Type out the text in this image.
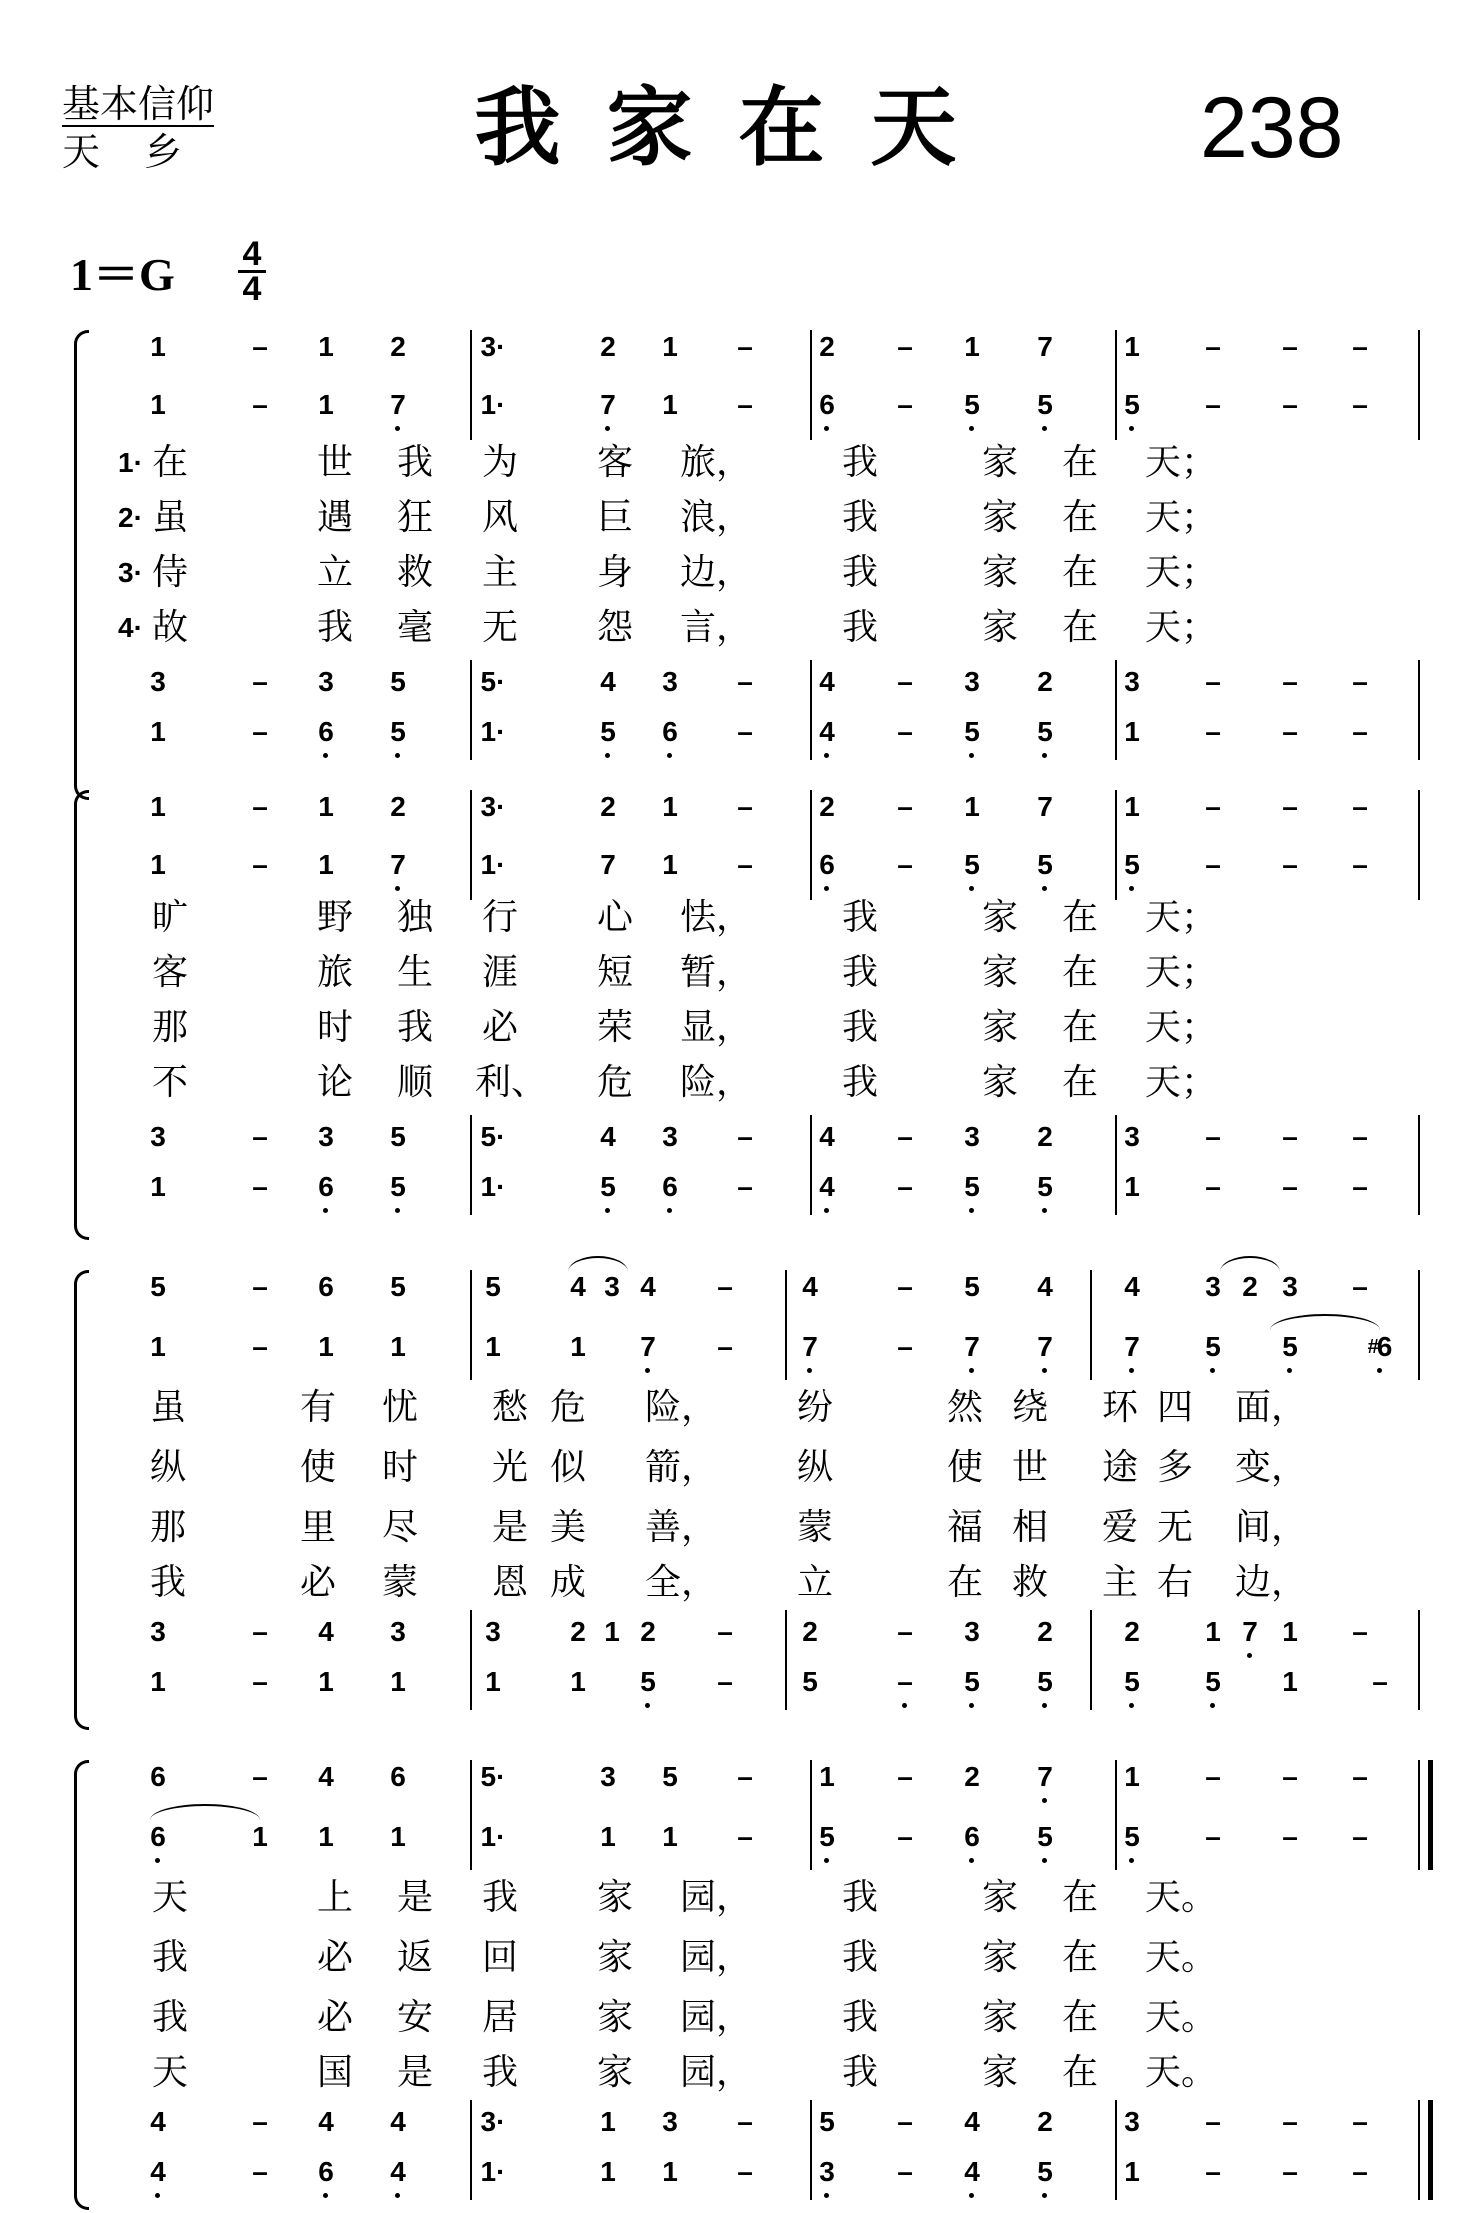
基本信仰
天乡	我家在天	238
1＝G 4
4
1	–	1	2	3·	2	1	–	2	–	1	7	1	–	–	–
1	–	1	7	1·	7	1	–	6	–	5	5	5	–	–	–
1· 在	世 我 为 客 旅， 我	家 在 天；
2· 虽	遇 狂 风 巨 浪， 我	家 在 天；
3· 侍	立 救 主 身 边， 我	家 在 天；
4· 故	我 毫 无 怨 言， 我	家 在 天；
3	–	3	5	5·	4	3	–	4	–	3	2	3	–	–	–
1	–	6	5	1·	5	6	–	4	–	5	5	1	–	–	–
1	–	1	2	3·	2	1	–	2	–	1	7	1	–	–	–
1	–	1	7	1·	7	1	–	6	–	5	5	5	–	–	–
旷	野 独 行 心 怯， 我	家 在 天；
客	旅 生 涯 短 暂， 我	家 在 天；
那	时 我 必 荣 显， 我	家 在 天；
不	论 顺 利、 危 险， 我	家 在 天；
3	–	3	5	5·	4	3	–	4	–	3	2	3	–	–	–
1	–	6	5	1·	5	6	–	4	–	5	5	1	–	–	–
5	–	6	5	5	4 3 4	–	4	–	5	4	4	3 2 3	–
1	–	1	1	1	1	7	–	7	–	7	7	7	5	5	#6
虽	有 忧 愁 危 险， 纷	然 绕 环 四 面，
纵	使 时 光 似 箭， 纵	使 世 途 多 变，
那	里 尽 是 美 善， 蒙	福 相 爱 无 间，
我	必 蒙 恩 成 全， 立	在 救 主 右 边，
3	–	4	3	3	2 1 2	–	2	–	3	2	2	1 7 1	–
1	–	1	1	1	1	5	–	5	–	5	5	5	5	1	–
6	–	4	6	5·	3	5	–	1	–	2	7	1	–	–	–
6	1	1	1	1·	1	1	–	5	–	6	5	5	–	–	–
天	上 是 我 家 园， 我	家 在 天。
我	必 返 回 家 园， 我	家 在 天。
我	必 安 居 家 园， 我	家 在 天。
天	国 是 我 家 园， 我	家 在 天。
4	–	4	4	3·	1	3	–	5	–	4	2	3	–	–	–
4	–	6	4	1·	1	1	–	3	–	4	5	1	–	–	–
